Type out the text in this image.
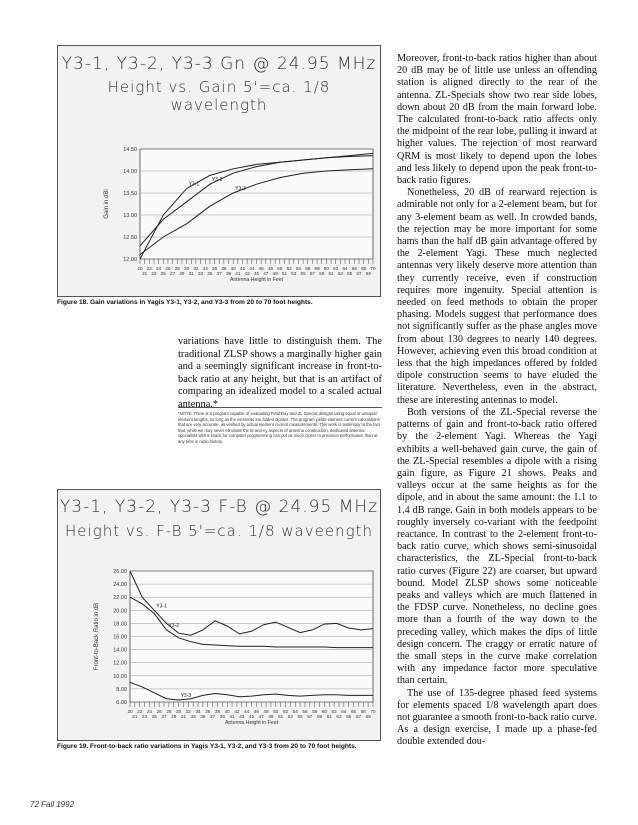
Y3-1, Y3-2, Y3-3 Gn @ 24.95 MHz
Height vs. Gain 5'=ca. 1/8 wavelength
12.00
12.50
13.00
13.50
14.00
14.50
20
21
22
23
24
25
26
27
28
29
30
31
32
33
34
35
36
37
38
39
40
41
42
43
44
45
46
47
48
49
50
51
52
53
54
55
56
57
58
59
60
61
62
63
64
65
66
67
68
69
70
Antenna Height in Feet
Gain in dBi
Y3-1
Y3-2
Y3-3
Figure 18. Gain variations in Yagis Y3-1, Y3-2, and Y3-3 from 20 to 70 foot heights.

variations have little to distinguish them. The traditional ZLSP shows a marginally higher gain and a seemingly significant increase in front-to-back ratio at any height, but that is an artifact of comparing an idealized model to a scaled actual antenna.*

*NOTE: There is a program capable of evaluating Field Day and ZL Special designs using equal or unequal element lengths, so long as the elements are folded dipoles. The program yields element current calculations that are very accurate, as verified by actual element current measurements. This work is testimony to the fact that, while we may never eliminate the tit-and-cy aspects of antenna construction, dedicated antenna specialists with a knack for computer programming can put us much closer to precision performance than at any time in radio history.
Y3-1, Y3-2, Y3-3 F-B @ 24.95 MHz
Height vs. F-B 5'=ca. 1/8 waveength
6.00
8.00
10.00
12.00
14.00
16.00
18.00
20.00
22.00
24.00
26.00
20
21
22
23
24
25
26
27
28
29
30
31
32
33
34
35
36
37
38
39
40
41
42
43
44
45
46
47
48
49
50
51
52
53
54
55
56
57
58
59
60
61
62
63
64
65
66
67
68
69
70
Antenna Height in Feet
Front-to-Back Ratio in dB	Y3-1
Y3-2
Y3-3
Figure 19. Front-to-back ratio variations in Yagis Y3-1, Y3-2, and Y3-3 from 20 to 70 foot heights.

Moreover, front-to-back ratios higher than about 20 dB may be of little use unless an offending station is aligned directly to the rear of the antenna. ZL-Specials show two rear side lobes, down about 20 dB from the main forward lobe. The calculated front-to-back ratio affects only the midpoint of the rear lobe, pulling it inward at higher values. The rejection of most rearward QRM is most likely to depend upon the lobes and less likely to depend upon the peak front-to-back ratio figures.

Nonetheless, 20 dB of rearward rejection is admirable not only for a 2-element beam, but for any 3-element beam as well. In crowded bands, the rejection may be more important for some hams than the half dB gain advantage offered by the 2-element Yagi. These much neglected antennas very likely deserve more attention than they currently receive, even if construction requires more ingenuity. Special attention is needed on feed methods to obtain the proper phasing. Models suggest that performance does not significantly suffer as the phase angles move from about 130 degrees to nearly 140 degrees. However, achieving even this broad condition at less that the high impedances offered by folded dipole construction seems to have eluded the literature. Nevertheless, even in the abstract, these are interesting antennas to model.

Both versions of the ZL-Special reverse the patterns of gain and front-to-back ratio offered by the 2-element Yagi. Whereas the Yagi exhibits a well-behaved gain curve, the gain of the ZL-Special resembles a dipole with a rising gain figure, as Figure 21 shows. Peaks and valleys occur at the same heights as for the dipole, and in about the same amount: the 1.1 to 1.4 dB range. Gain in both models appears to be roughly inversely co-variant with the feedpoint reactance. In contrast to the 2-element front-to-back ratio curve, which shows semi-sinusoidal characteristics, the ZL-Special front-to-back ratio curves (Figure 22) are coarser, but upward bound. Model ZLSP shows some noticeable peaks and valleys which are much flattened in the FDSP curve. Nonetheless, no decline goes more than a fourth of the way down to the preceding valley, which makes the dips of little design concern. The craggy or erratic nature of the small steps in the curve make correlation with any impedance factor more speculative than certain.

The use of 135-degree phased feed systems for elements spaced 1/8 wavelength apart does not guarantee a smooth front-to-back ratio curve. As a design exercise, I made up a phase-fed double extended dou-

72 Fall 1992
